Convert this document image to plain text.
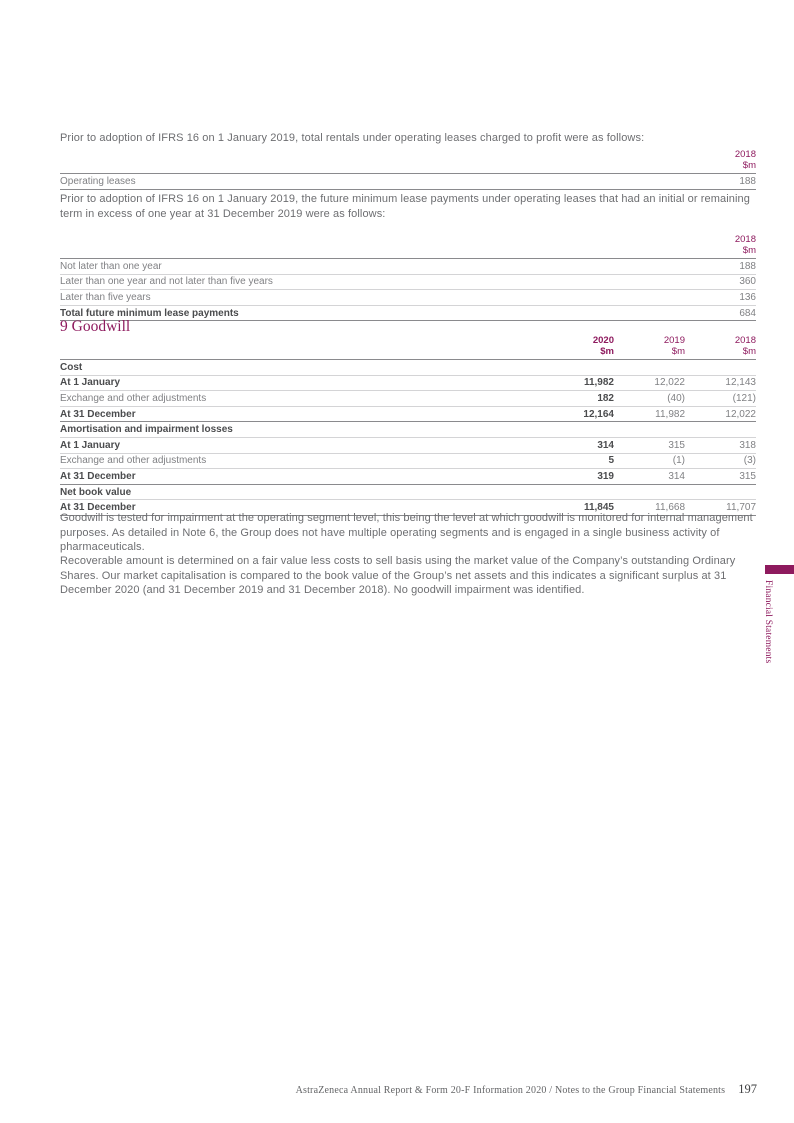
Prior to adoption of IFRS 16 on 1 January 2019, total rentals under operating leases charged to profit were as follows:
2018
$m
Operating leases	188
Prior to adoption of IFRS 16 on 1 January 2019, the future minimum lease payments under operating leases that had an initial or remaining term in excess of one year at 31 December 2019 were as follows:
2018
$m
Not later than one year	188
Later than one year and not later than five years	360
Later than five years	136
Total future minimum lease payments	684
9 Goodwill
2020
$m
2019
$m
2018
$m
Cost
At 1 January	11,982	12,022	12,143
Exchange and other adjustments	182	(40)	(121)
At 31 December	12,164	11,982	12,022
Amortisation and impairment losses
At 1 January	314	315	318
Exchange and other adjustments	5	(1)	(3)
At 31 December	319	314	315
Net book value
At 31 December	11,845	11,668	11,707
Goodwill is tested for impairment at the operating segment level, this being the level at which goodwill is monitored for internal management purposes. As detailed in Note 6, the Group does not have multiple operating segments and is engaged in a single business activity of pharmaceuticals.
Recoverable amount is determined on a fair value less costs to sell basis using the market value of the Company’s outstanding Ordinary Shares. Our market capitalisation is compared to the book value of the Group’s net assets and this indicates a significant surplus at 31 December 2020 (and 31 December 2019 and 31 December 2018). No goodwill impairment was identified.	Financial Statements
AstraZeneca Annual Report & Form 20-F Information 2020 / Notes to the Group Financial Statements 197
